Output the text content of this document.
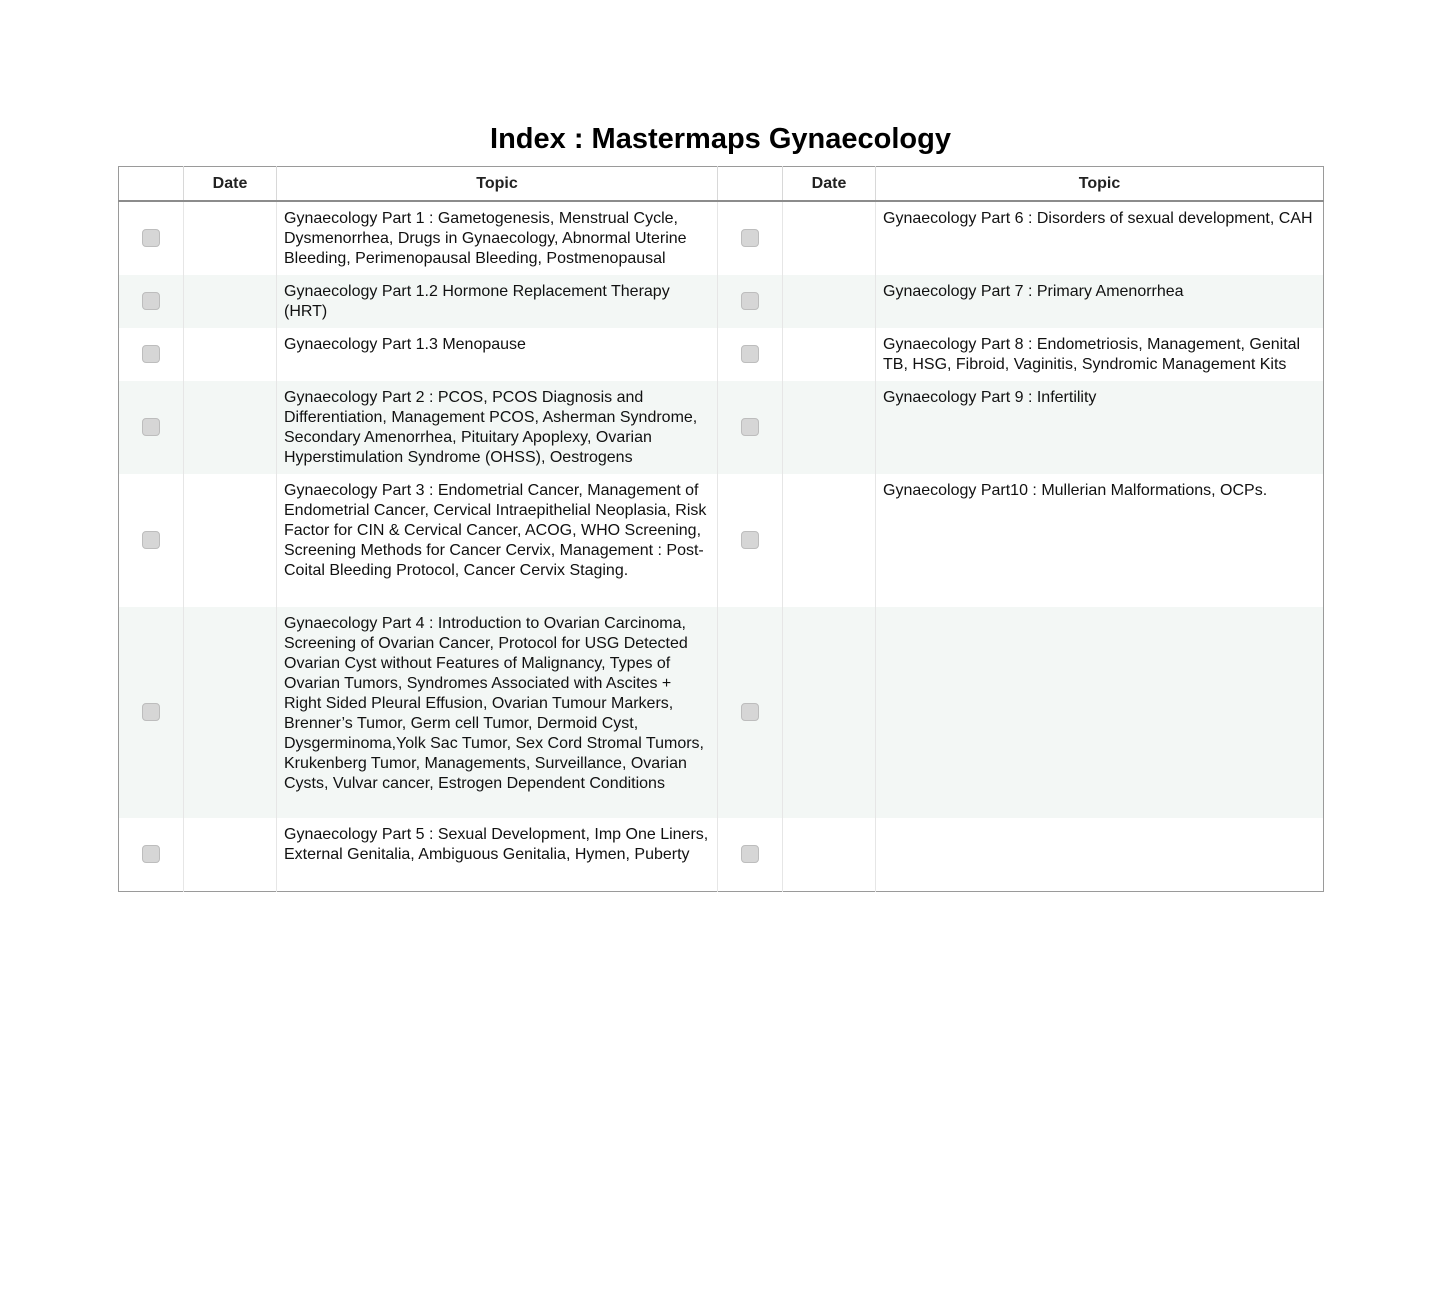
Index : Mastermaps Gynaecology
	Date	Topic		Date	Topic
		Gynaecology Part 1 : Gametogenesis, Menstrual Cycle, Dysmenorrhea, Drugs in Gynaecology, Abnormal Uterine Bleeding, Perimenopausal Bleeding, Postmenopausal			Gynaecology Part 6 : Disorders of sexual development, CAH
		Gynaecology Part 1.2 Hormone Replacement Therapy (HRT)			Gynaecology Part 7 : Primary Amenorrhea
		Gynaecology Part 1.3 Menopause			Gynaecology Part 8 : Endometriosis, Management, Genital TB, HSG, Fibroid, Vaginitis, Syndromic Management Kits
		Gynaecology Part 2 : PCOS, PCOS Diagnosis and Differentiation, Management PCOS, Asherman Syndrome, Secondary Amenorrhea, Pituitary Apoplexy, Ovarian Hyperstimulation Syndrome (OHSS), Oestrogens			Gynaecology Part 9 : Infertility
		Gynaecology Part 3 : Endometrial Cancer, Management of Endometrial Cancer, Cervical Intraepithelial Neoplasia, Risk Factor for CIN & Cervical Cancer, ACOG, WHO Screening, Screening Methods for Cancer Cervix, Management : Post-Coital Bleeding Protocol, Cancer Cervix Staging.			Gynaecology Part10 : Mullerian Malformations, OCPs.
		Gynaecology Part 4 : Introduction to Ovarian Carcinoma, Screening of Ovarian Cancer, Protocol for USG Detected Ovarian Cyst without Features of Malignancy, Types of Ovarian Tumors, Syndromes Associated with Ascites + Right Sided Pleural Effusion, Ovarian Tumour Markers, Brenner’s Tumor, Germ cell Tumor, Dermoid Cyst, Dysgerminoma,Yolk Sac Tumor, Sex Cord Stromal Tumors, Krukenberg Tumor, Managements, Surveillance, Ovarian Cysts, Vulvar cancer, Estrogen Dependent Conditions			
		Gynaecology Part 5 : Sexual Development, Imp One Liners, External Genitalia, Ambiguous Genitalia, Hymen, Puberty			
